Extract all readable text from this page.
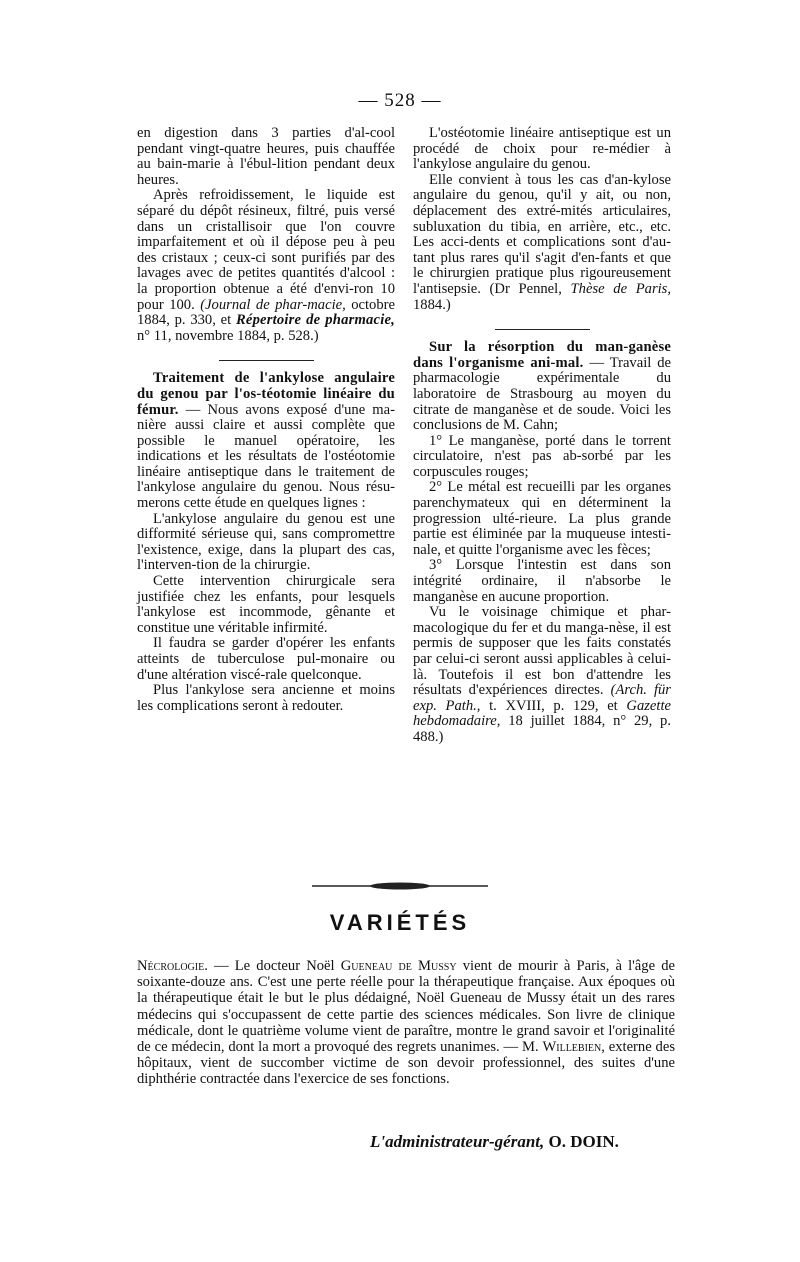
— 528 —

en digestion dans 3 parties d'al-cool pendant vingt-quatre heures, puis chauffée au bain-marie à l'ébul-lition pendant deux heures.

Après refroidissement, le liquide est séparé du dépôt résineux, filtré, puis versé dans un cristallisoir que l'on couvre imparfaitement et où il dépose peu à peu des cristaux ; ceux-ci sont purifiés par des lavages avec de petites quantités d'alcool : la proportion obtenue a été d'envi-ron 10 pour 100. (Journal de phar-macie, octobre 1884, p. 330, et Répertoire de pharmacie, n° 11, novembre 1884, p. 528.)

Traitement de l'ankylose angulaire du genou par l'os-téotomie linéaire du fémur. — Nous avons exposé d'une ma-nière aussi claire et aussi complète que possible le manuel opératoire, les indications et les résultats de l'ostéotomie linéaire antiseptique dans le traitement de l'ankylose angulaire du genou. Nous résu-merons cette étude en quelques lignes :

L'ankylose angulaire du genou est une difformité sérieuse qui, sans compromettre l'existence, exige, dans la plupart des cas, l'interven-tion de la chirurgie.

Cette intervention chirurgicale sera justifiée chez les enfants, pour lesquels l'ankylose est incommode, gênante et constitue une véritable infirmité.

Il faudra se garder d'opérer les enfants atteints de tuberculose pul-monaire ou d'une altération viscé-rale quelconque.

Plus l'ankylose sera ancienne et moins les complications seront à redouter.

L'ostéotomie linéaire antiseptique est un procédé de choix pour re-médier à l'ankylose angulaire du genou.

Elle convient à tous les cas d'an-kylose angulaire du genou, qu'il y ait, ou non, déplacement des extré-mités articulaires, subluxation du tibia, en arrière, etc., etc. Les acci-dents et complications sont d'au-tant plus rares qu'il s'agit d'en-fants et que le chirurgien pratique plus rigoureusement l'antisepsie. (Dr Pennel, Thèse de Paris, 1884.)

Sur la résorption du man-ganèse dans l'organisme ani-mal. — Travail de pharmacologie expérimentale du laboratoire de Strasbourg au moyen du citrate de manganèse et de soude. Voici les conclusions de M. Cahn;

1° Le manganèse, porté dans le torrent circulatoire, n'est pas ab-sorbé par les corpuscules rouges;

2° Le métal est recueilli par les organes parenchymateux qui en déterminent la progression ulté-rieure. La plus grande partie est éliminée par la muqueuse intesti-nale, et quitte l'organisme avec les fèces;

3° Lorsque l'intestin est dans son intégrité ordinaire, il n'absorbe le manganèse en aucune proportion.

Vu le voisinage chimique et phar-macologique du fer et du manga-nèse, il est permis de supposer que les faits constatés par celui-ci seront aussi applicables à celui-là. Toutefois il est bon d'attendre les résultats d'expériences directes. (Arch. für exp. Path., t. XVIII, p. 129, et Gazette hebdomadaire, 18 juillet 1884, n° 29, p. 488.)

VARIÉTÉS

Nécrologie. — Le docteur Noël Gueneau de Mussy vient de mourir à Paris, à l'âge de soixante-douze ans. C'est une perte réelle pour la thérapeutique française. Aux époques où la thérapeutique était le but le plus dédaigné, Noël Gueneau de Mussy était un des rares médecins qui s'occupassent de cette partie des sciences médicales. Son livre de clinique médicale, dont le quatrième volume vient de paraître, montre le grand savoir et l'originalité de ce médecin, dont la mort a provoqué des regrets unanimes. — M. Willebien, externe des hôpitaux, vient de succomber victime de son devoir professionnel, des suites d'une diphthérie contractée dans l'exercice de ses fonctions.

L'administrateur-gérant, O. DOIN.
